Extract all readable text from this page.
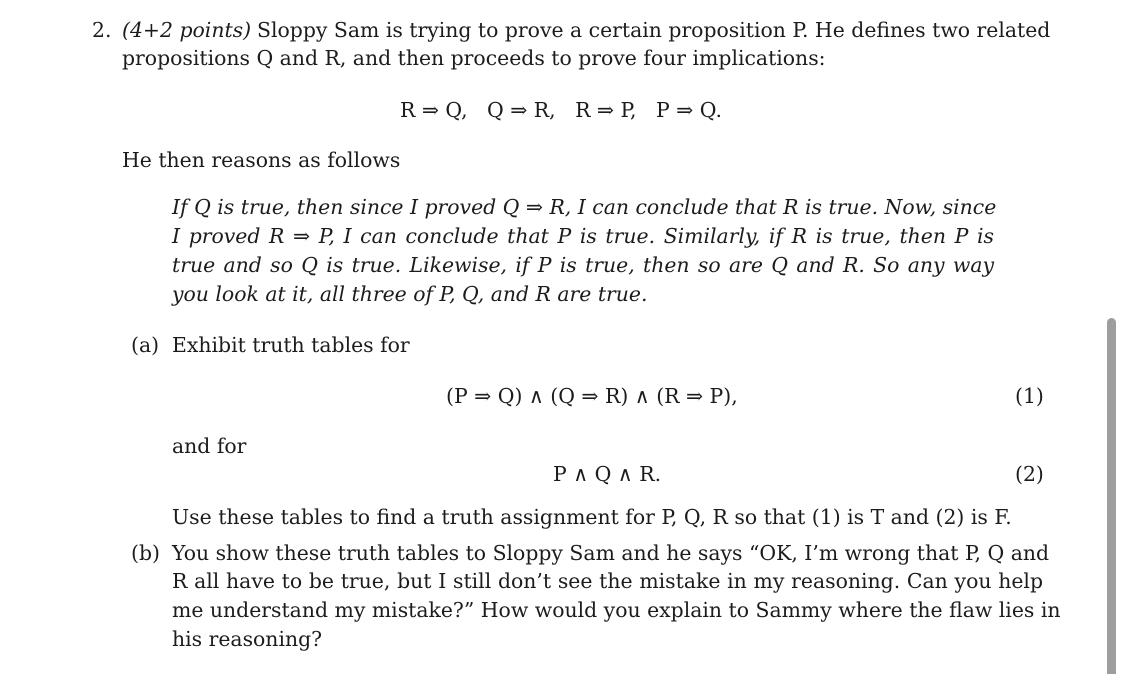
2. (4+2 points) Sloppy Sam is trying to prove a certain proposition P. He defines two related
propositions Q and R, and then proceeds to prove four implications:
R ⇒ Q,   Q ⇒ R,   R ⇒ P,   P ⇒ Q.
He then reasons as follows
If Q is true, then since I proved Q ⇒ R, I can conclude that R is true. Now, since
I proved R ⇒ P, I can conclude that P is true. Similarly, if R is true, then P is
true and so Q is true. Likewise, if P is true, then so are Q and R. So any way
you look at it, all three of P, Q, and R are true.
(a) Exhibit truth tables for
(P ⇒ Q) ∧ (Q ⇒ R) ∧ (R ⇒ P),	(1)
and for
P ∧ Q ∧ R.	(2)
Use these tables to find a truth assignment for P, Q, R so that (1) is T and (2) is F.
(b) You show these truth tables to Sloppy Sam and he says “OK, I’m wrong that P, Q and
R all have to be true, but I still don’t see the mistake in my reasoning. Can you help
me understand my mistake?” How would you explain to Sammy where the flaw lies in
his reasoning?
